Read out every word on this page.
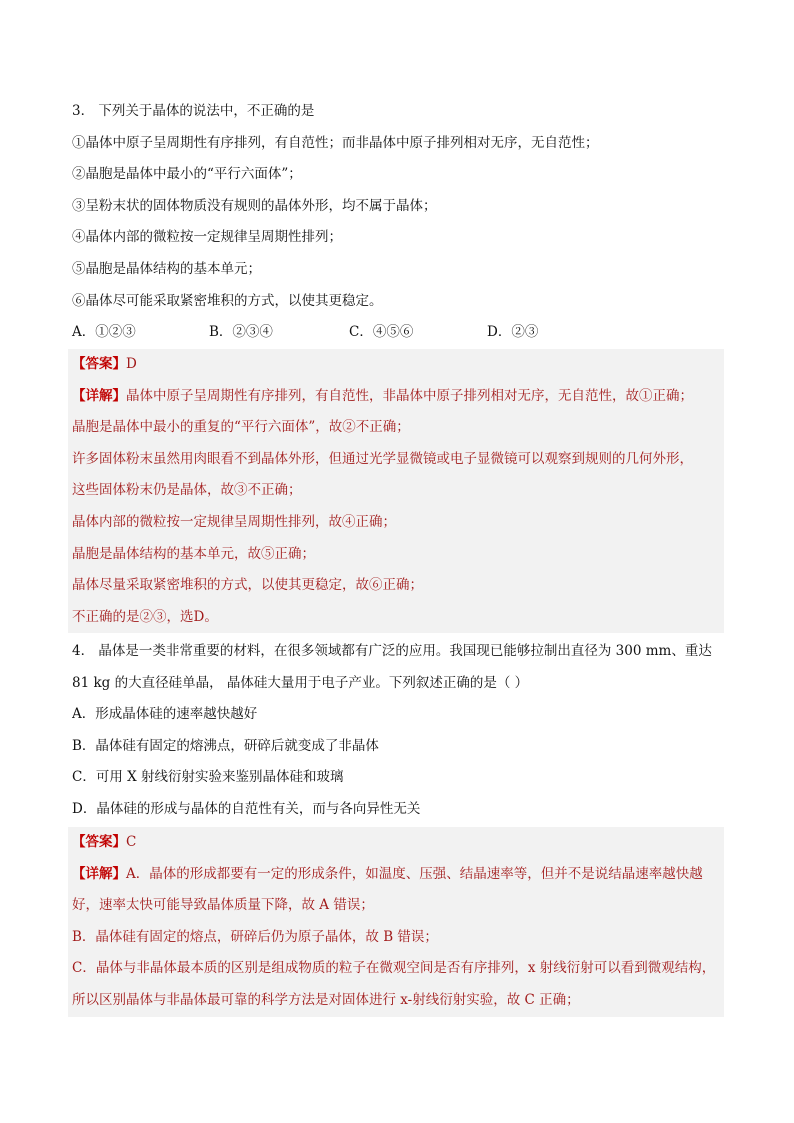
3． 下列关于晶体的说法中，不正确的是
①晶体中原子呈周期性有序排列，有自范性；而非晶体中原子排列相对无序，无自范性；
②晶胞是晶体中最小的“平行六面体”；
③呈粉末状的固体物质没有规则的晶体外形，均不属于晶体；
④晶体内部的微粒按一定规律呈周期性排列；
⑤晶胞是晶体结构的基本单元；
⑥晶体尽可能采取紧密堆积的方式，以使其更稳定。
A．①②③	B．②③④	C．④⑤⑥	D．②③
【答案】D
【详解】晶体中原子呈周期性有序排列，有自范性，非晶体中原子排列相对无序，无自范性，故①正确；
晶胞是晶体中最小的重复的“平行六面体”，故②不正确；
许多固体粉末虽然用肉眼看不到晶体外形，但通过光学显微镜或电子显微镜可以观察到规则的几何外形，
这些固体粉末仍是晶体，故③不正确；
晶体内部的微粒按一定规律呈周期性排列，故④正确；
晶胞是晶体结构的基本单元，故⑤正确；
晶体尽量采取紧密堆积的方式，以使其更稳定，故⑥正确；
不正确的是②③，选D。
4． 晶体是一类非常重要的材料，在很多领域都有广泛的应用。我国现已能够拉制出直径为 300 mm、重达
81 kg 的大直径硅单晶， 晶体硅大量用于电子产业。下列叙述正确的是（ ）
A．形成晶体硅的速率越快越好
B．晶体硅有固定的熔沸点，研碎后就变成了非晶体
C．可用 X 射线衍射实验来鉴别晶体硅和玻璃
D．晶体硅的形成与晶体的自范性有关，而与各向异性无关
【答案】C
【详解】A．晶体的形成都要有一定的形成条件，如温度、压强、结晶速率等，但并不是说结晶速率越快越
好，速率太快可能导致晶体质量下降，故 A 错误；
B．晶体硅有固定的熔点，研碎后仍为原子晶体，故 B 错误；
C．晶体与非晶体最本质的区别是组成物质的粒子在微观空间是否有序排列，x 射线衍射可以看到微观结构，
所以区别晶体与非晶体最可靠的科学方法是对固体进行 x-射线衍射实验，故 C 正确；
